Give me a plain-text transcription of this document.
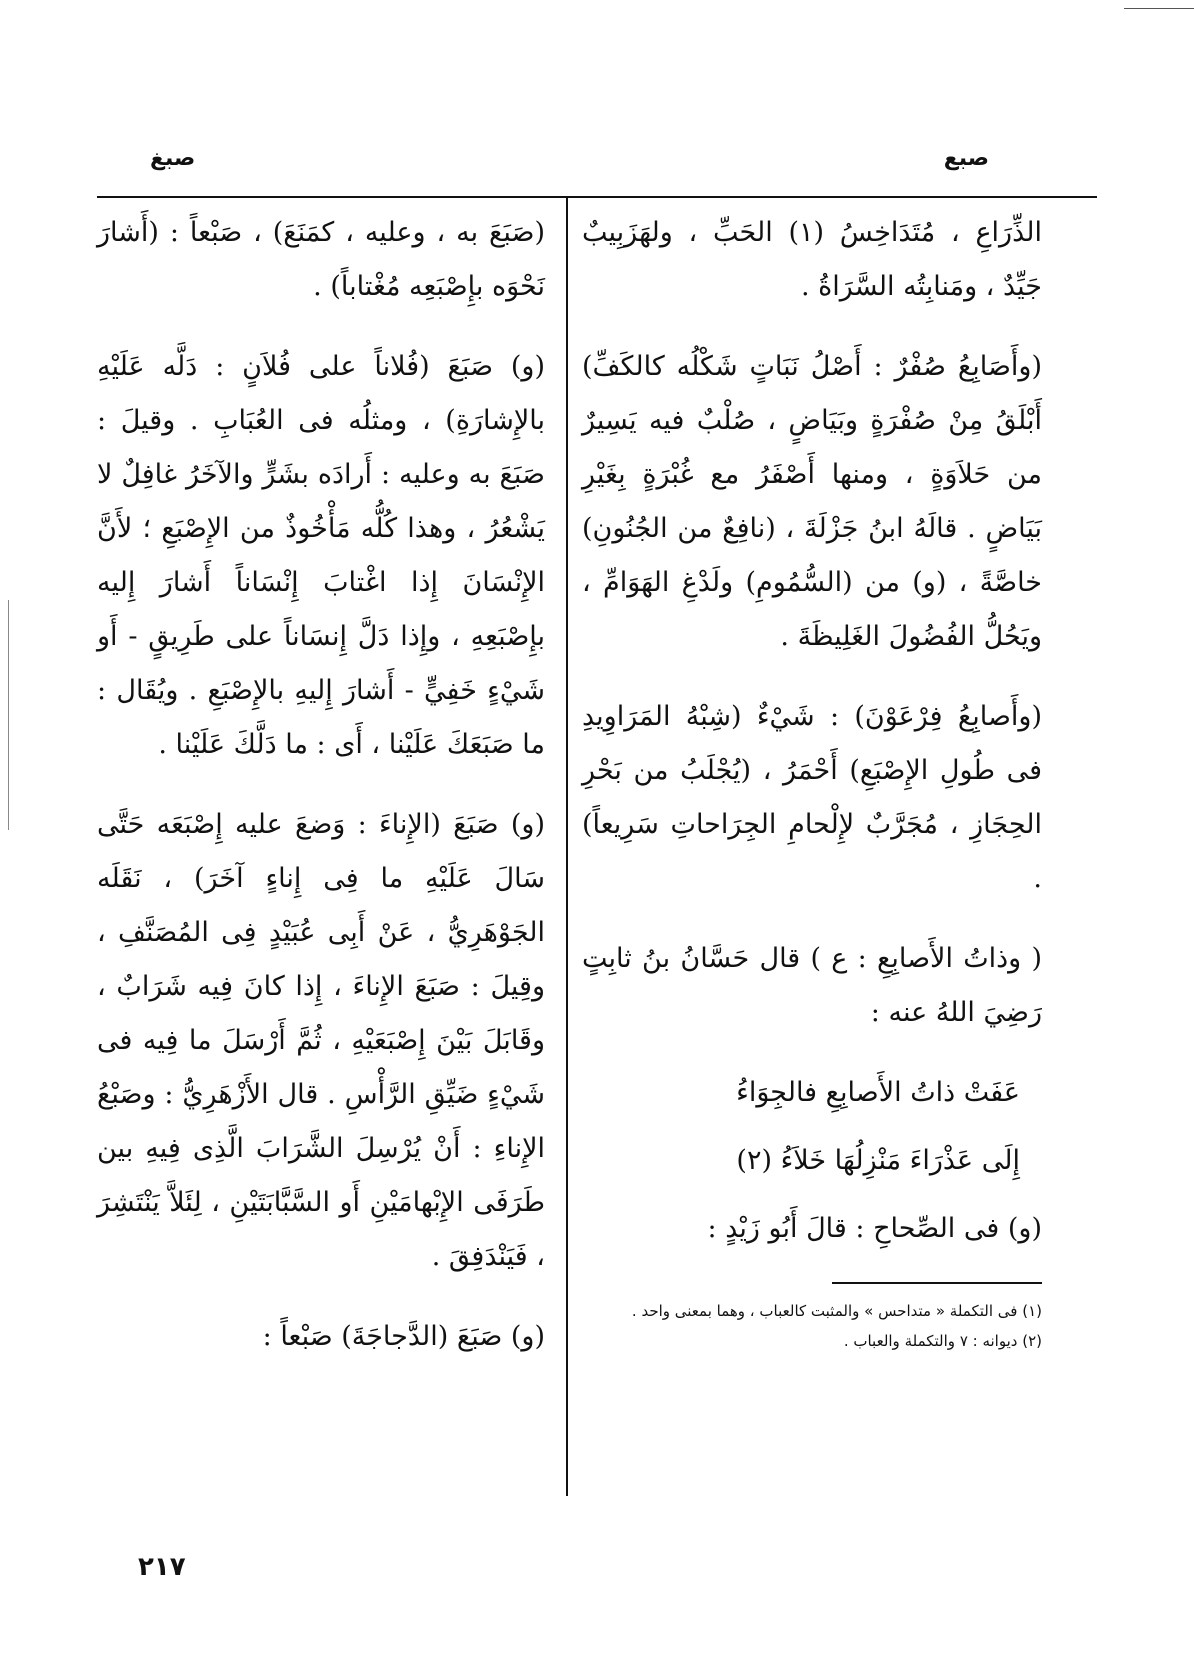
صبع
صبغ

الذِّرَاعِ ، مُتَدَاخِسُ (١) الحَبِّ ، ولهَزَبِيبٌ جَيِّدٌ ، ومَنابِتُه السَّرَاةُ .

(وأَصَابِعُ صُفْرٌ : أَصْلُ نَبَاتٍ شَكْلُه كالكَفِّ) أَبْلَقُ مِنْ صُفْرَةٍ وبَيَاضٍ ، صُلْبٌ فيه يَسِيرٌ من حَلاَوَةٍ ، ومنها أَصْفَرُ مع غُبْرَةٍ بِغَيْرِ بَيَاضٍ . قالَهُ ابنُ جَزْلَةَ ، (نافِعٌ من الجُنُونِ) خاصَّةً ، (و) من (السُّمُومِ) ولَدْغِ الهَوَامِّ ، ويَحُلُّ الفُضُولَ الغَلِيظَةَ .

(وأَصابِعُ فِرْعَوْنَ) : شَيْءٌ (شِبْهُ المَرَاوِيدِ فى طُولِ الإِصْبَعِ) أَحْمَرُ ، (يُجْلَبُ من بَحْرِ الحِجَازِ ، مُجَرَّبٌ لإِلْحامِ الجِرَاحاتِ سَرِيعاً) .

( وذاتُ الأَصابِعِ : ع ) قال حَسَّانُ بنُ ثابِتٍ رَضِيَ اللهُ عنه :

عَفَتْ ذاتُ الأَصابِعِ فالجِوَاءُ

إِلَى عَذْرَاءَ مَنْزِلُهَا خَلاَءُ (٢)

(و) فى الصِّحاحِ : قالَ أَبُو زَيْدٍ :

(١) فى التكملة « متداحس » والمثبت كالعباب ، وهما بمعنى واحد .

(٢) ديوانه : ٧ والتكملة والعباب .

(صَبَعَ به ، وعليه ، كمَنَعَ) ، صَبْعاً : (أَشارَ نَحْوَه بإِصْبَعِه مُغْتاباً) .

(و) صَبَعَ (فُلاناً على فُلاَنٍ : دَلَّه عَلَيْهِ بالإِشارَةِ) ، ومثلُه فى العُبَابِ . وقيلَ : صَبَعَ به وعليه : أَرادَه بشَرٍّ والآخَرُ غافِلٌ لا يَشْعُرُ ، وهذا كُلُّه مَأْخُوذٌ من الإِصْبَعِ ؛ لأَنَّ الإِنْسَانَ إِذا اغْتابَ إِنْسَاناً أَشارَ إِليه بإِصْبَعِهِ ، وإِذا دَلَّ إِنسَاناً على طَرِيقٍ - أَو شَيْءٍ خَفِيٍّ - أَشارَ إِليهِ بالإِصْبَعِ . ويُقَال : ما صَبَعَكَ عَلَيْنا ، أَى : ما دَلَّكَ عَلَيْنا .

(و) صَبَعَ (الإِناءَ : وَضعَ عليه إِصْبَعَه حَتَّى سَالَ عَلَيْهِ ما فِى إِناءٍ آخَرَ) ، نَقَلَه الجَوْهَرِيُّ ، عَنْ أَبِى عُبَيْدٍ فِى المُصَنَّفِ ، وقِيلَ : صَبَعَ الإِناءَ ، إِذا كانَ فِيه شَرَابٌ ، وقَابَلَ بَيْنَ إِصْبَعَيْهِ ، ثُمَّ أَرْسَلَ ما فِيه فى شَيْءٍ ضَيِّقِ الرَّأْسِ . قال الأَزْهَرِيُّ : وصَبْعُ الإِناءِ : أَنْ يُرْسِلَ الشَّرَابَ الَّذِى فِيهِ بين طَرَفَى الإِبْهامَيْنِ أَو السَّبَّابَتَيْنِ ، لِئَلاَّ يَنْتَشِرَ ، فَيَنْدَفِقَ .

(و) صَبَعَ (الدَّجاجَةَ) صَبْعاً :

٢١٧
